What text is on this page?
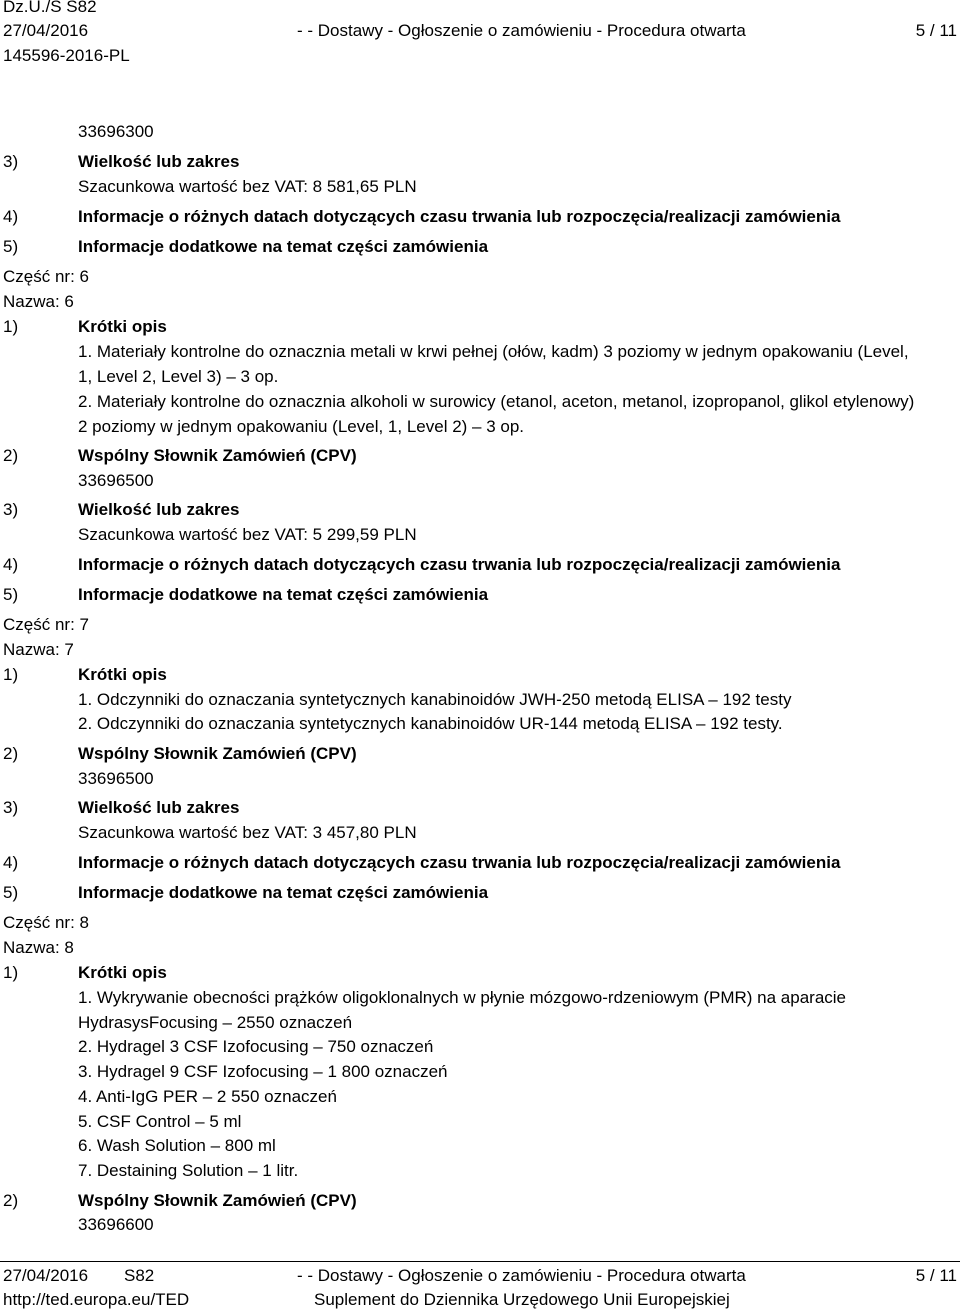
Dz.U./S S82
27/04/2016	- - Dostawy - Ogłoszenie o zamówieniu - Procedura otwarta	5 / 11
145596-2016-PL
33696300
3)	Wielkość lub zakres
Szacunkowa wartość bez VAT: 8 581,65 PLN
4)	Informacje o różnych datach dotyczących czasu trwania lub rozpoczęcia/realizacji zamówienia
5)	Informacje dodatkowe na temat części zamówienia
Część nr: 6
Nazwa: 6
1)	Krótki opis
1. Materiały kontrolne do oznacznia metali w krwi pełnej (ołów, kadm) 3 poziomy w jednym opakowaniu (Level,
1, Level 2, Level 3) – 3 op.
2. Materiały kontrolne do oznacznia alkoholi w surowicy (etanol, aceton, metanol, izopropanol, glikol etylenowy)
2 poziomy w jednym opakowaniu (Level, 1, Level 2) – 3 op.
2)	Wspólny Słownik Zamówień (CPV)
33696500
3)	Wielkość lub zakres
Szacunkowa wartość bez VAT: 5 299,59 PLN
4)	Informacje o różnych datach dotyczących czasu trwania lub rozpoczęcia/realizacji zamówienia
5)	Informacje dodatkowe na temat części zamówienia
Część nr: 7
Nazwa: 7
1)	Krótki opis
1. Odczynniki do oznaczania syntetycznych kanabinoidów JWH-250 metodą ELISA – 192 testy
2. Odczynniki do oznaczania syntetycznych kanabinoidów UR-144 metodą ELISA – 192 testy.
2)	Wspólny Słownik Zamówień (CPV)
33696500
3)	Wielkość lub zakres
Szacunkowa wartość bez VAT: 3 457,80 PLN
4)	Informacje o różnych datach dotyczących czasu trwania lub rozpoczęcia/realizacji zamówienia
5)	Informacje dodatkowe na temat części zamówienia
Część nr: 8
Nazwa: 8
1)	Krótki opis
1. Wykrywanie obecności prążków oligoklonalnych w płynie mózgowo-rdzeniowym (PMR) na aparacie
HydrasysFocusing – 2550 oznaczeń
2. Hydragel 3 CSF Izofocusing – 750 oznaczeń
3. Hydragel 9 CSF Izofocusing – 1 800 oznaczeń
4. Anti-IgG PER – 2 550 oznaczeń
5. CSF Control – 5 ml
6. Wash Solution – 800 ml
7. Destaining Solution – 1 litr.
2)	Wspólny Słownik Zamówień (CPV)
33696600
27/04/2016 S82	- - Dostawy - Ogłoszenie o zamówieniu - Procedura otwarta	5 / 11
http://ted.europa.eu/TED	Suplement do Dziennika Urzędowego Unii Europejskiej
